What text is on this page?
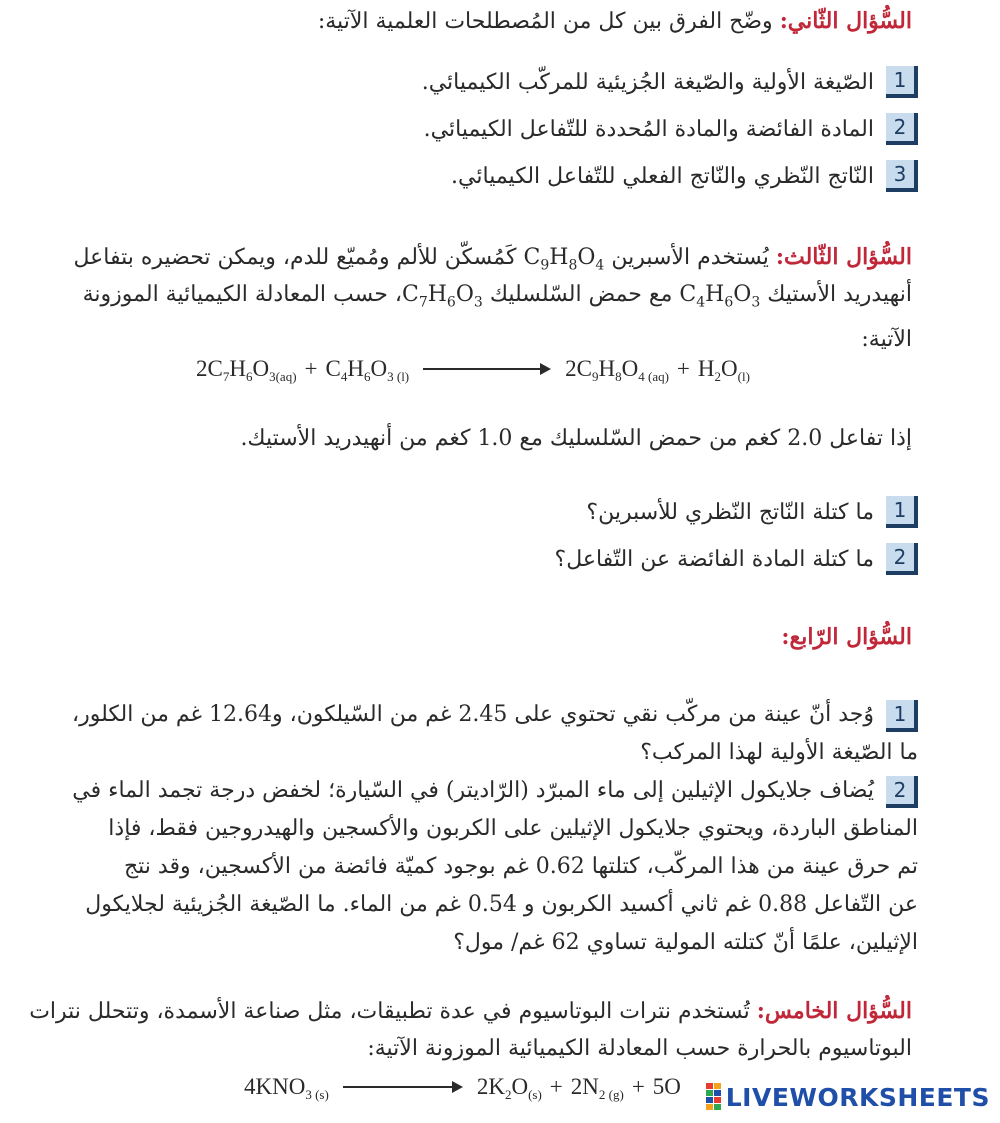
السُّؤال الثّاني: وضّح الفرق بين كل من المُصطلحات العلمية الآتية:
1
الصّيغة الأولية والصّيغة الجُزيئية للمركّب الكيميائي.
2
المادة الفائضة والمادة المُحددة للتّفاعل الكيميائي.
3
النّاتج النّظري والنّاتج الفعلي للتّفاعل الكيميائي.
السُّؤال الثّالث: يُستخدم الأسبرين $C_9H_8O_4$ كَمُسكّن للألم ومُميّع للدم، ويمكن تحضيره بتفاعل
أنهيدريد الأستيك $C_4H_6O_3$ مع حمض السّلسليك $C_7H_6O_3،$ حسب المعادلة الكيميائية الموزونة الآتية:
$2C_7H_6O_{3(aq)} + C_4H_6O_{3 (l)}$	$2C_9H_8O_{4 (aq)} + H_2O_{(l)}$
إذا تفاعل 2.0 كغم من حمض السّلسليك مع 1.0 كغم من أنهيدريد الأستيك.
1
ما كتلة النّاتج النّظري للأسبرين؟
2
ما كتلة المادة الفائضة عن التّفاعل؟
السُّؤال الرّابع:
1
وُجد أنّ عينة من مركّب نقي تحتوي على 2.45 غم من السّيلكون، و12.64 غم من الكلور،
ما الصّيغة الأولية لهذا المركب؟
2
يُضاف جلايكول الإثيلين إلى ماء المبرّد (الرّاديتر) في السّيارة؛ لخفض درجة تجمد الماء في
المناطق الباردة، ويحتوي جلايكول الإثيلين على الكربون والأكسجين والهيدروجين فقط، فإذا
تم حرق عينة من هذا المركّب، كتلتها 0.62 غم بوجود كميّة فائضة من الأكسجين، وقد نتج
عن التّفاعل 0.88 غم ثاني أكسيد الكربون و 0.54 غم من الماء. ما الصّيغة الجُزيئية لجلايكول
الإثيلين، علمًا أنّ كتلته المولية تساوي 62 غم/ مول؟
السُّؤال الخامس: تُستخدم نترات البوتاسيوم في عدة تطبيقات، مثل صناعة الأسمدة، وتتحلل نترات
البوتاسيوم بالحرارة حسب المعادلة الكيميائية الموزونة الآتية:
$4KNO_{3 (s)}$	$2K_2O_{(s)} + 2N_{2 (g)} + 5O$ LIVEWORKSHEETS
